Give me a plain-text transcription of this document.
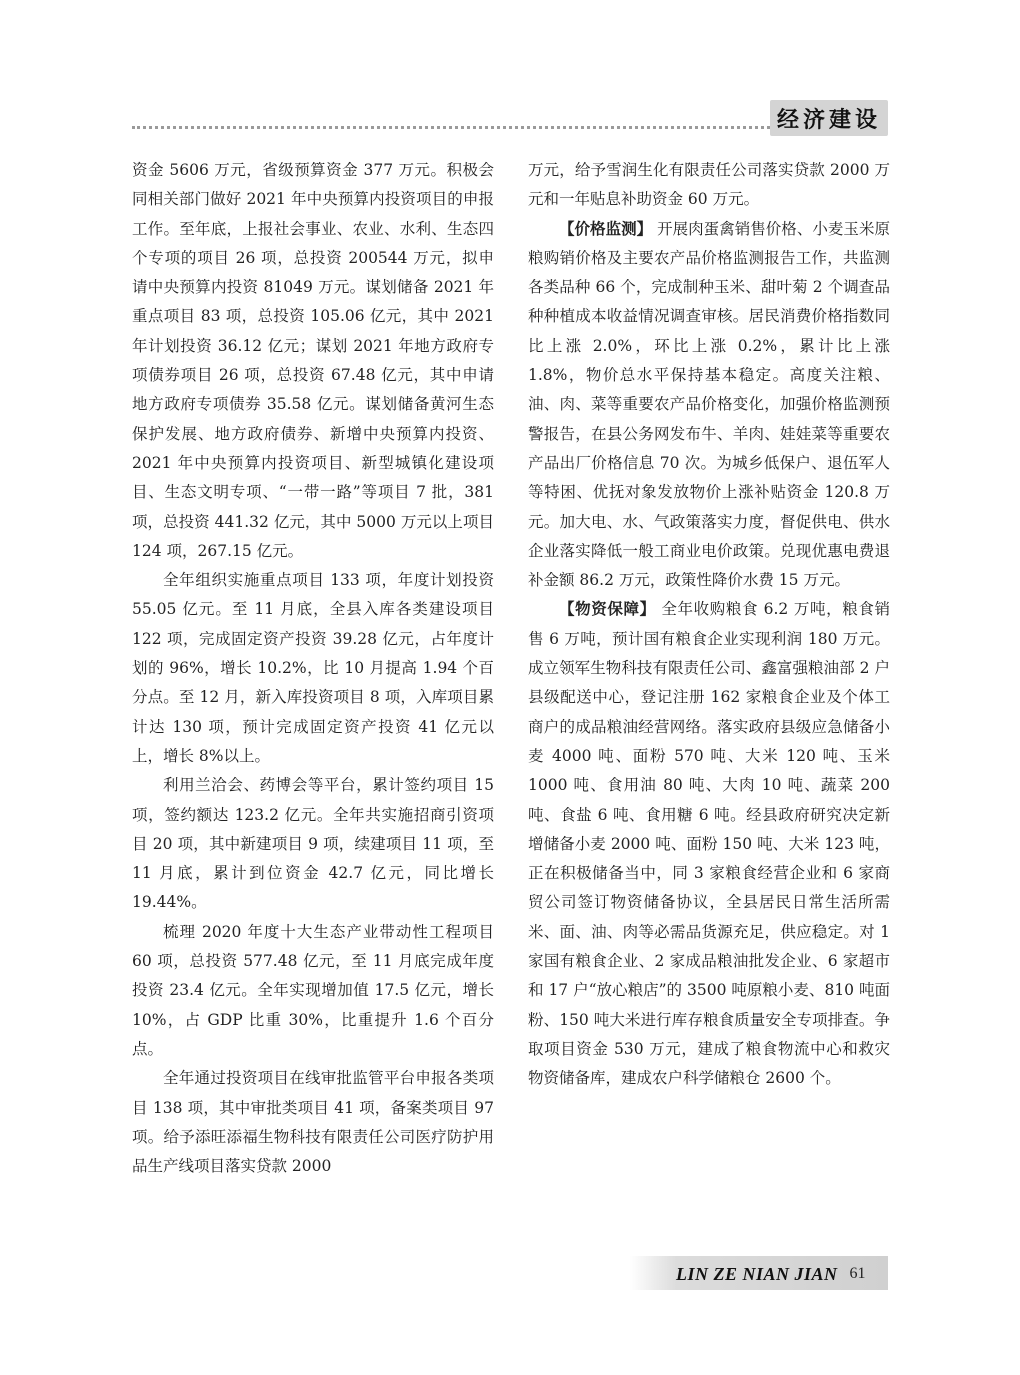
经济建设

资金 5606 万元，省级预算资金 377 万元。积极会同相关部门做好 2021 年中央预算内投资项目的申报工作。至年底，上报社会事业、农业、水利、生态四个专项的项目 26 项，总投资 200544 万元，拟申请中央预算内投资 81049 万元。谋划储备 2021 年重点项目 83 项，总投资 105.06 亿元，其中 2021 年计划投资 36.12 亿元；谋划 2021 年地方政府专项债券项目 26 项，总投资 67.48 亿元，其中申请地方政府专项债券 35.58 亿元。谋划储备黄河生态保护发展、地方政府债券、新增中央预算内投资、2021 年中央预算内投资项目、新型城镇化建设项目、生态文明专项、“一带一路”等项目 7 批，381 项，总投资 441.32 亿元，其中 5000 万元以上项目 124 项，267.15 亿元。

全年组织实施重点项目 133 项，年度计划投资 55.05 亿元。至 11 月底，全县入库各类建设项目 122 项，完成固定资产投资 39.28 亿元，占年度计划的 96%，增长 10.2%，比 10 月提高 1.94 个百分点。至 12 月，新入库投资项目 8 项，入库项目累计达 130 项，预计完成固定资产投资 41 亿元以上，增长 8%以上。

利用兰洽会、药博会等平台，累计签约项目 15 项，签约额达 123.2 亿元。全年共实施招商引资项目 20 项，其中新建项目 9 项，续建项目 11 项，至 11 月底，累计到位资金 42.7 亿元，同比增长 19.44%。

梳理 2020 年度十大生态产业带动性工程项目 60 项，总投资 577.48 亿元，至 11 月底完成年度投资 23.4 亿元。全年实现增加值 17.5 亿元，增长 10%，占 GDP 比重 30%，比重提升 1.6 个百分点。

全年通过投资项目在线审批监管平台申报各类项目 138 项，其中审批类项目 41 项，备案类项目 97 项。给予添旺添福生物科技有限责任公司医疗防护用品生产线项目落实贷款 2000

万元，给予雪润生化有限责任公司落实贷款 2000 万元和一年贴息补助资金 60 万元。

【价格监测】 开展肉蛋禽销售价格、小麦玉米原粮购销价格及主要农产品价格监测报告工作，共监测各类品种 66 个，完成制种玉米、甜叶菊 2 个调查品种种植成本收益情况调查审核。居民消费价格指数同比上涨 2.0%，环比上涨 0.2%，累计比上涨 1.8%，物价总水平保持基本稳定。高度关注粮、油、肉、菜等重要农产品价格变化，加强价格监测预警报告，在县公务网发布牛、羊肉、娃娃菜等重要农产品出厂价格信息 70 次。为城乡低保户、退伍军人等特困、优抚对象发放物价上涨补贴资金 120.8 万元。加大电、水、气政策落实力度，督促供电、供水企业落实降低一般工商业电价政策。兑现优惠电费退补金额 86.2 万元，政策性降价水费 15 万元。

【物资保障】 全年收购粮食 6.2 万吨，粮食销售 6 万吨，预计国有粮食企业实现利润 180 万元。成立领军生物科技有限责任公司、鑫富强粮油部 2 户县级配送中心，登记注册 162 家粮食企业及个体工商户的成品粮油经营网络。落实政府县级应急储备小麦 4000 吨、面粉 570 吨、大米 120 吨、玉米 1000 吨、食用油 80 吨、大肉 10 吨、蔬菜 200 吨、食盐 6 吨、食用糖 6 吨。经县政府研究决定新增储备小麦 2000 吨、面粉 150 吨、大米 123 吨，正在积极储备当中，同 3 家粮食经营企业和 6 家商贸公司签订物资储备协议，全县居民日常生活所需米、面、油、肉等必需品货源充足，供应稳定。对 1 家国有粮食企业、2 家成品粮油批发企业、6 家超市和 17 户“放心粮店”的 3500 吨原粮小麦、810 吨面粉、150 吨大米进行库存粮食质量安全专项排查。争取项目资金 530 万元，建成了粮食物流中心和救灾物资储备库，建成农户科学储粮仓 2600 个。

LIN ZE NIAN JIAN 61
